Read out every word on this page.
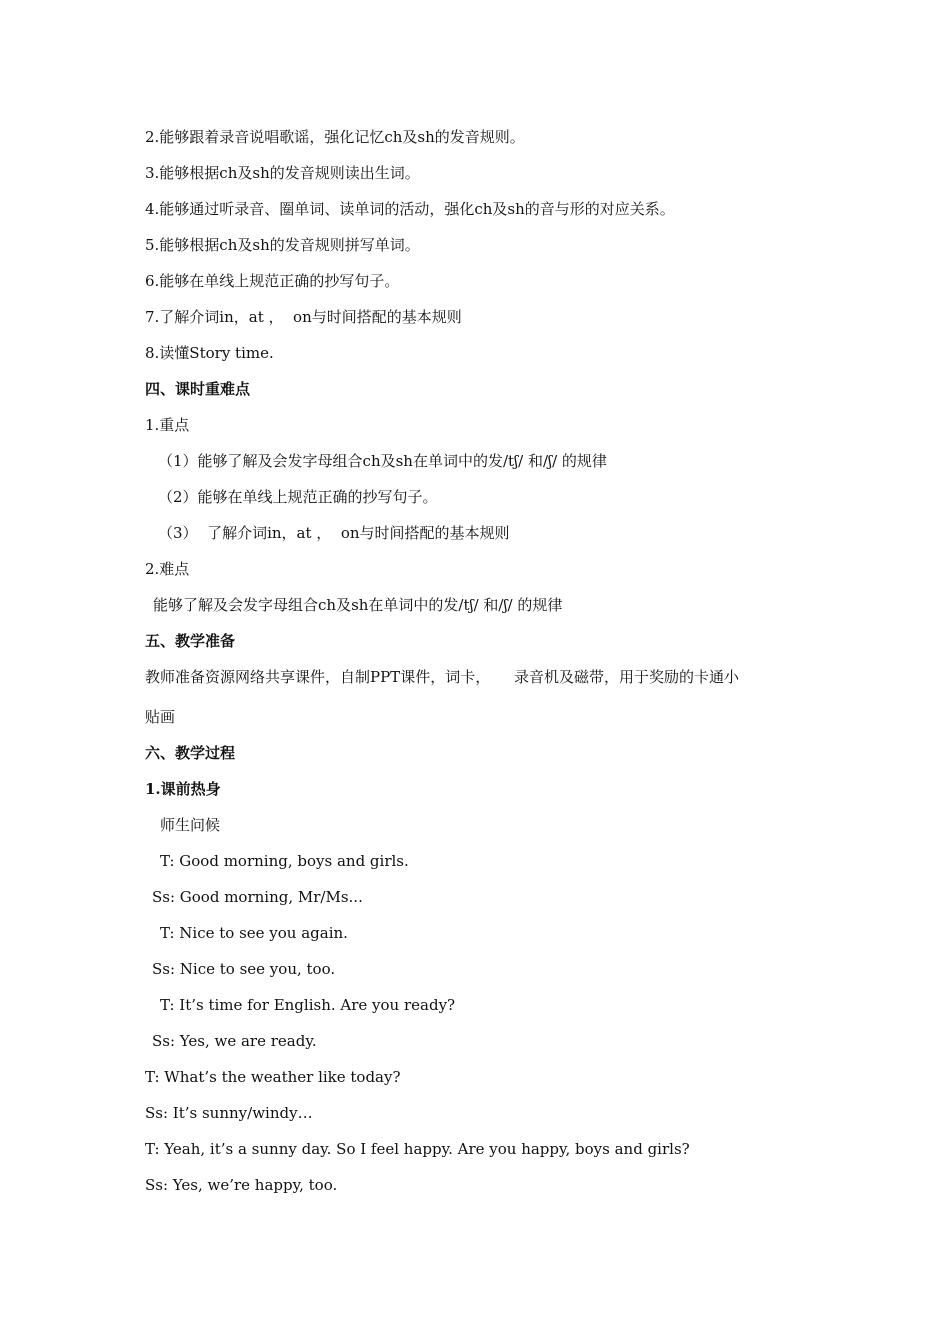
2.能够跟着录音说唱歌谣，强化记忆ch及sh的发音规则。
3.能够根据ch及sh的发音规则读出生词。
4.能够通过听录音、圈单词、读单词的活动，强化ch及sh的音与形的对应关系。
5.能够根据ch及sh的发音规则拼写单词。
6.能够在单线上规范正确的抄写句子。
7.了解介词in，at ，  on与时间搭配的基本规则
8.读懂Story time.
四、课时重难点
1.重点
（1）能够了解及会发字母组合ch及sh在单词中的发/tʃ/ 和/ʃ/ 的规律
（2）能够在单线上规范正确的抄写句子。
（3）  了解介词in，at ，  on与时间搭配的基本规则
2.难点
能够了解及会发字母组合ch及sh在单词中的发/tʃ/ 和/ʃ/ 的规律
五、教学准备
教师准备资源网络共享课件，自制PPT课件，词卡，     录音机及磁带，用于奖励的卡通小
贴画
六、教学过程
1.课前热身
师生问候
T: Good morning, boys and girls.
Ss: Good morning, Mr/Ms...
T: Nice to see you again.
Ss: Nice to see you, too.
T: It’s time for English. Are you ready?
Ss: Yes, we are ready.
T: What’s the weather like today?
Ss: It’s sunny/windy…
T: Yeah, it’s a sunny day. So I feel happy. Are you happy, boys and girls?
Ss: Yes, we’re happy, too.
